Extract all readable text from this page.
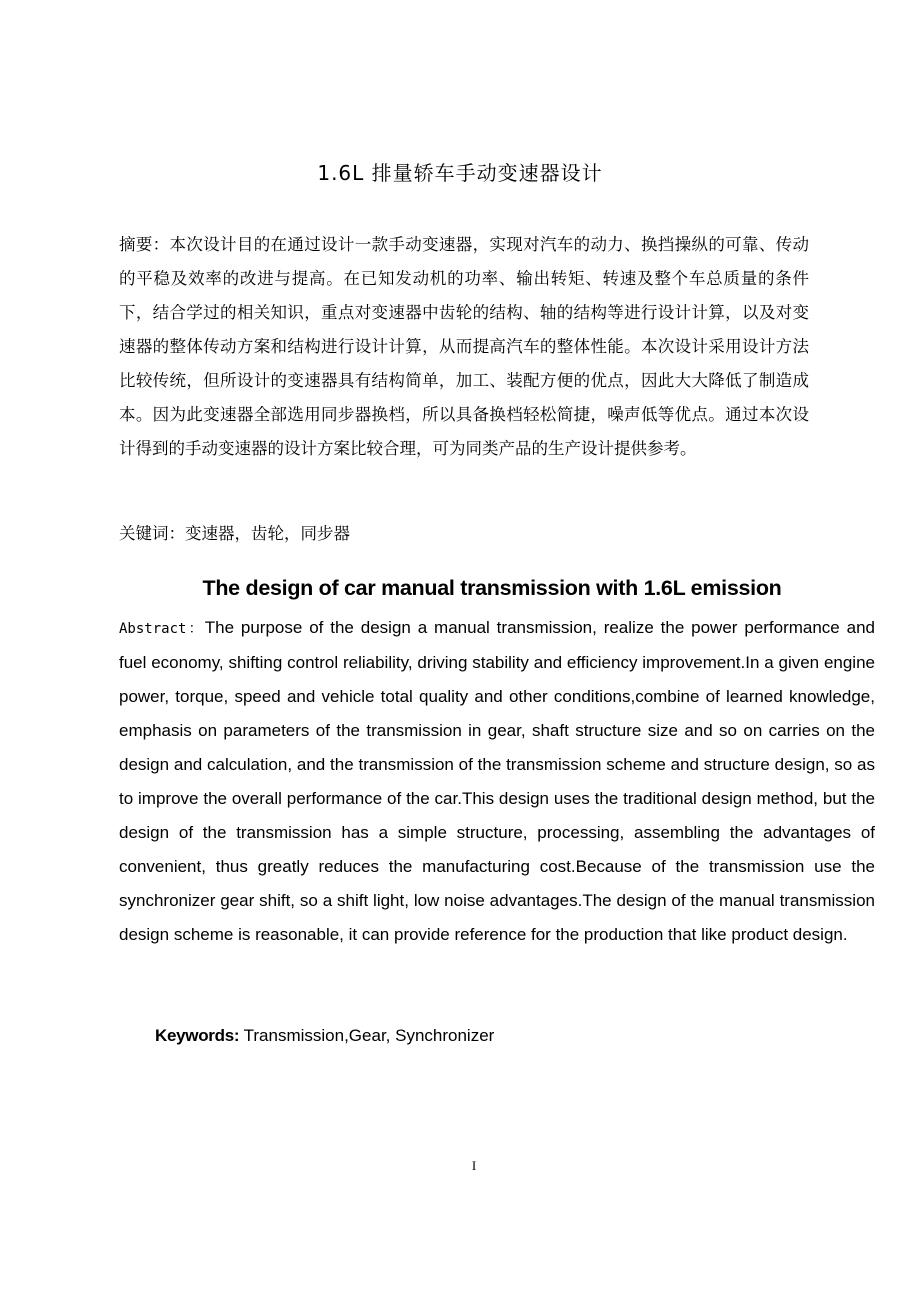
1.6L 排量轿车手动变速器设计
摘要：本次设计目的在通过设计一款手动变速器，实现对汽车的动力、换挡操纵的可靠、传动的平稳及效率的改进与提高。在已知发动机的功率、输出转矩、转速及整个车总质量的条件下，结合学过的相关知识，重点对变速器中齿轮的结构、轴的结构等进行设计计算，以及对变速器的整体传动方案和结构进行设计计算，从而提高汽车的整体性能。本次设计采用设计方法比较传统，但所设计的变速器具有结构简单，加工、装配方便的优点，因此大大降低了制造成本。因为此变速器全部选用同步器换档，所以具备换档轻松简捷，噪声低等优点。通过本次设计得到的手动变速器的设计方案比较合理，可为同类产品的生产设计提供参考。
关键词：变速器，齿轮，同步器
The design of car manual transmission with 1.6L emission
Abstract：The purpose of the design a manual transmission, realize the power performance and fuel economy, shifting control reliability, driving stability and efficiency improvement.In a given engine power, torque, speed and vehicle total quality and other conditions,combine of learned knowledge, emphasis on parameters of the transmission in gear, shaft structure size and so on carries on the design and calculation, and the transmission of the transmission scheme and structure design, so as to improve the overall performance of the car.This design uses the traditional design method, but the design of the transmission has a simple structure, processing, assembling the advantages of convenient, thus greatly reduces the manufacturing cost.Because of the transmission use the synchronizer gear shift, so a shift light, low noise advantages.The design of the manual transmission design scheme is reasonable, it can provide reference for the production that like product design.
Keywords: Transmission,Gear, Synchronizer
I
